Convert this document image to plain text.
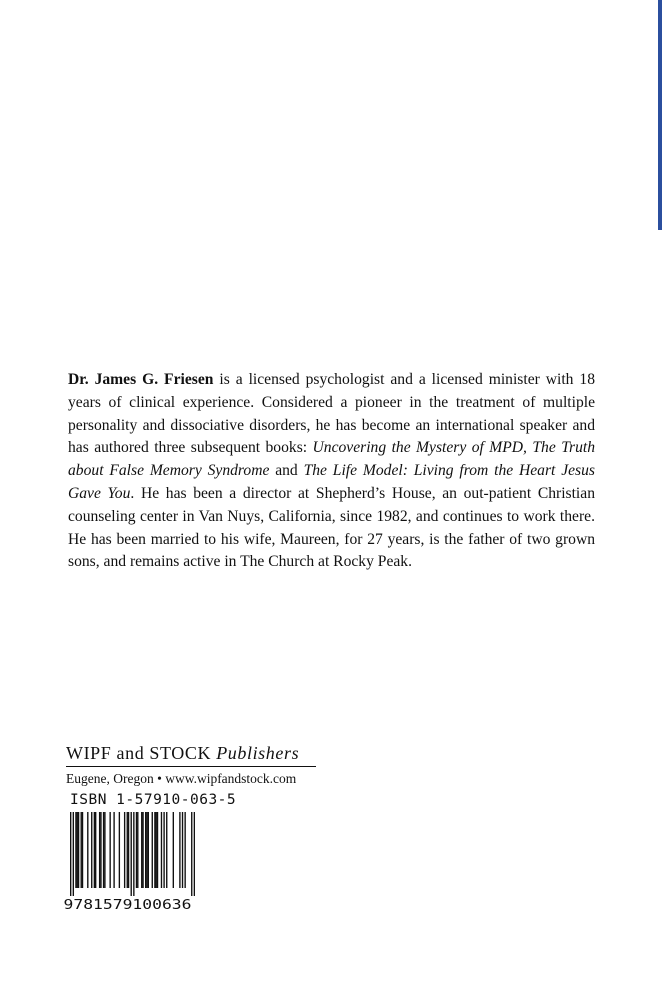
Dr. James G. Friesen is a licensed psychologist and a licensed minister with 18 years of clinical experience. Considered a pioneer in the treatment of multiple personality and dissociative disorders, he has become an international speaker and has authored three subsequent books: Uncovering the Mystery of MPD, The Truth about False Memory Syndrome and The Life Model: Living from the Heart Jesus Gave You. He has been a director at Shepherd’s House, an out-patient Christian counseling center in Van Nuys, California, since 1982, and continues to work there. He has been married to his wife, Maureen, for 27 years, is the father of two grown sons, and remains active in The Church at Rocky Peak.
WIPF and STOCK Publishers
Eugene, Oregon • www.wipfandstock.com
ISBN 1-57910-063-5
9781579100636
